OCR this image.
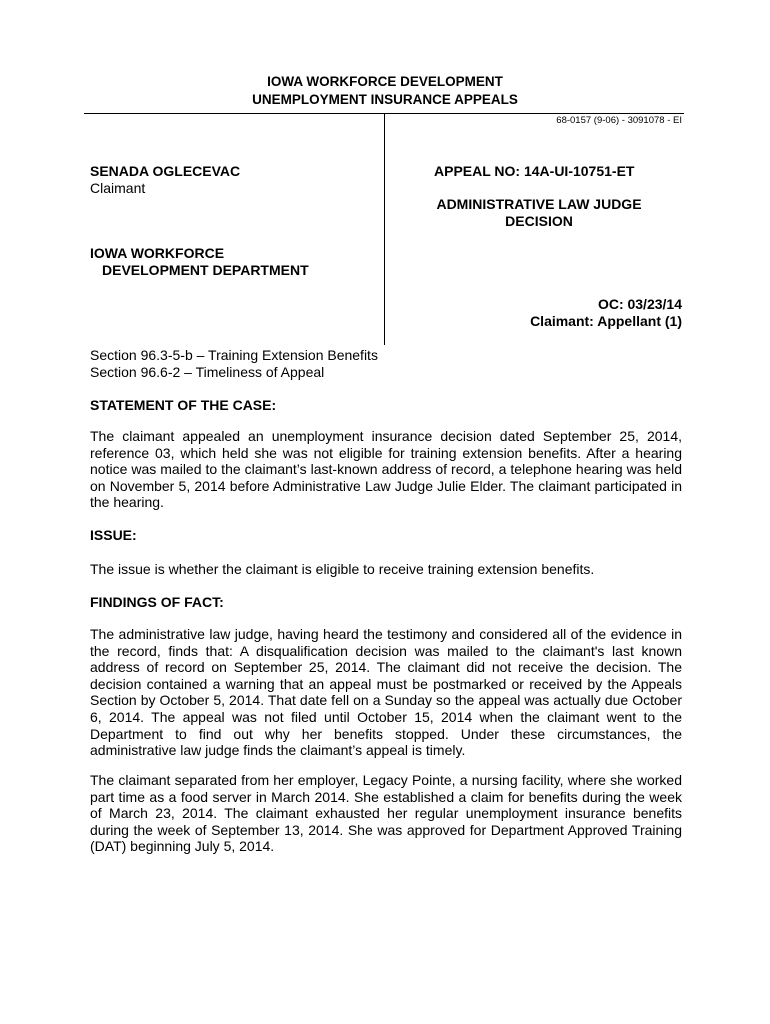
IOWA WORKFORCE DEVELOPMENT
UNEMPLOYMENT INSURANCE APPEALS
68-0157 (9-06) - 3091078 - EI
SENADA OGLECEVAC
Claimant
IOWA WORKFORCE
DEVELOPMENT DEPARTMENT
APPEAL NO: 14A-UI-10751-ET
ADMINISTRATIVE LAW JUDGE
DECISION
OC: 03/23/14
Claimant: Appellant (1)
Section 96.3-5-b – Training Extension Benefits
Section 96.6-2 – Timeliness of Appeal
STATEMENT OF THE CASE:
The claimant appealed an unemployment insurance decision dated September 25, 2014, reference 03, which held she was not eligible for training extension benefits. After a hearing notice was mailed to the claimant’s last-known address of record, a telephone hearing was held on November 5, 2014 before Administrative Law Judge Julie Elder. The claimant participated in the hearing.
ISSUE:
The issue is whether the claimant is eligible to receive training extension benefits.
FINDINGS OF FACT:
The administrative law judge, having heard the testimony and considered all of the evidence in the record, finds that: A disqualification decision was mailed to the claimant's last known address of record on September 25, 2014. The claimant did not receive the decision. The decision contained a warning that an appeal must be postmarked or received by the Appeals Section by October 5, 2014. That date fell on a Sunday so the appeal was actually due October 6, 2014. The appeal was not filed until October 15, 2014 when the claimant went to the Department to find out why her benefits stopped. Under these circumstances, the administrative law judge finds the claimant’s appeal is timely.
The claimant separated from her employer, Legacy Pointe, a nursing facility, where she worked part time as a food server in March 2014. She established a claim for benefits during the week of March 23, 2014. The claimant exhausted her regular unemployment insurance benefits during the week of September 13, 2014. She was approved for Department Approved Training (DAT) beginning July 5, 2014.
